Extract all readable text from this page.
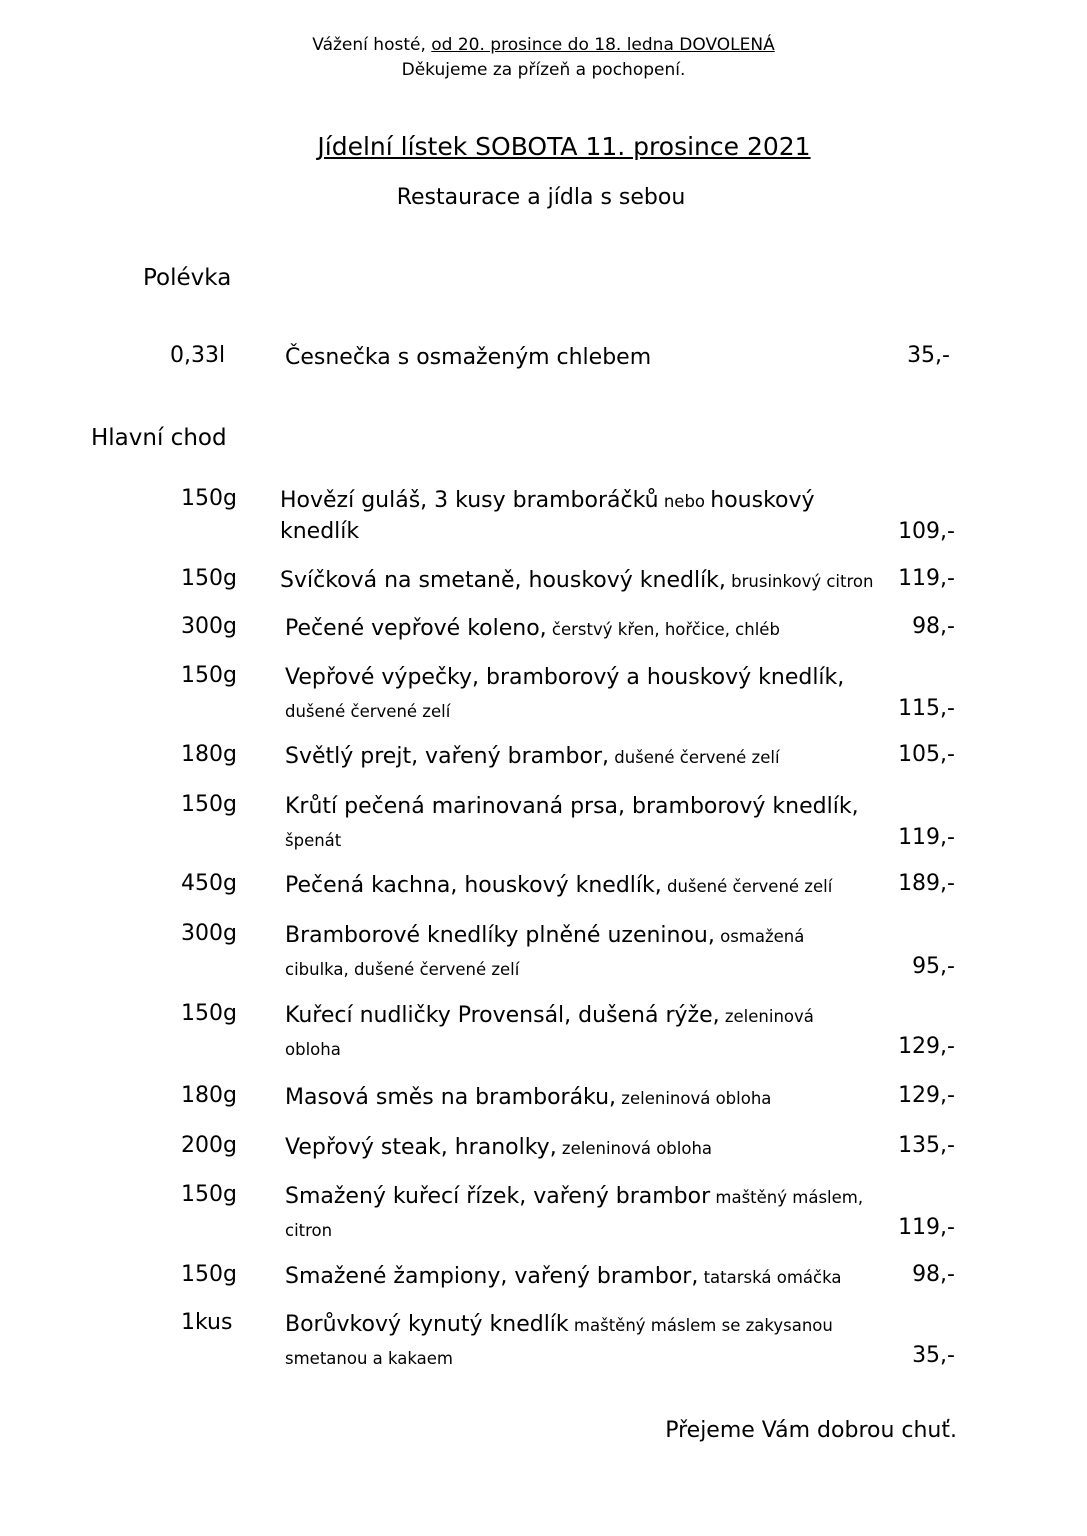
Vážení hosté, od 20. prosince do 18. ledna DOVOLENÁ
Děkujeme za přízeň a pochopení.
Jídelní lístek SOBOTA 11. prosince 2021
Restaurace a jídla s sebou
Polévka
0,33l	Česnečka s osmaženým chlebem	35,-
Hlavní chod
150g Hovězí guláš, 3 kusy bramboráčků nebo houskový
knedlík	109,-
150g Svíčková na smetaně, houskový knedlík, brusinkový citron 119,-
300g Pečené vepřové koleno, čerstvý křen, hořčice, chléb	98,-
150g Vepřové výpečky, bramborový a houskový knedlík,
dušené červené zelí	115,-
180g Světlý prejt, vařený brambor, dušené červené zelí	105,-
150g Krůtí pečená marinovaná prsa, bramborový knedlík,
špenát	119,-
450g Pečená kachna, houskový knedlík, dušené červené zelí	189,-
300g Bramborové knedlíky plněné uzeninou, osmažená
cibulka, dušené červené zelí	95,-
150g Kuřecí nudličky Provensál, dušená rýže, zeleninová
obloha	129,-
180g Masová směs na bramboráku, zeleninová obloha	129,-
200g Vepřový steak, hranolky, zeleninová obloha	135,-
150g Smažený kuřecí řízek, vařený brambor maštěný máslem,
citron	119,-
150g Smažené žampiony, vařený brambor, tatarská omáčka	98,-
1kus Borůvkový kynutý knedlík maštěný máslem se zakysanou
smetanou a kakaem	35,-
Přejeme Vám dobrou chuť.
